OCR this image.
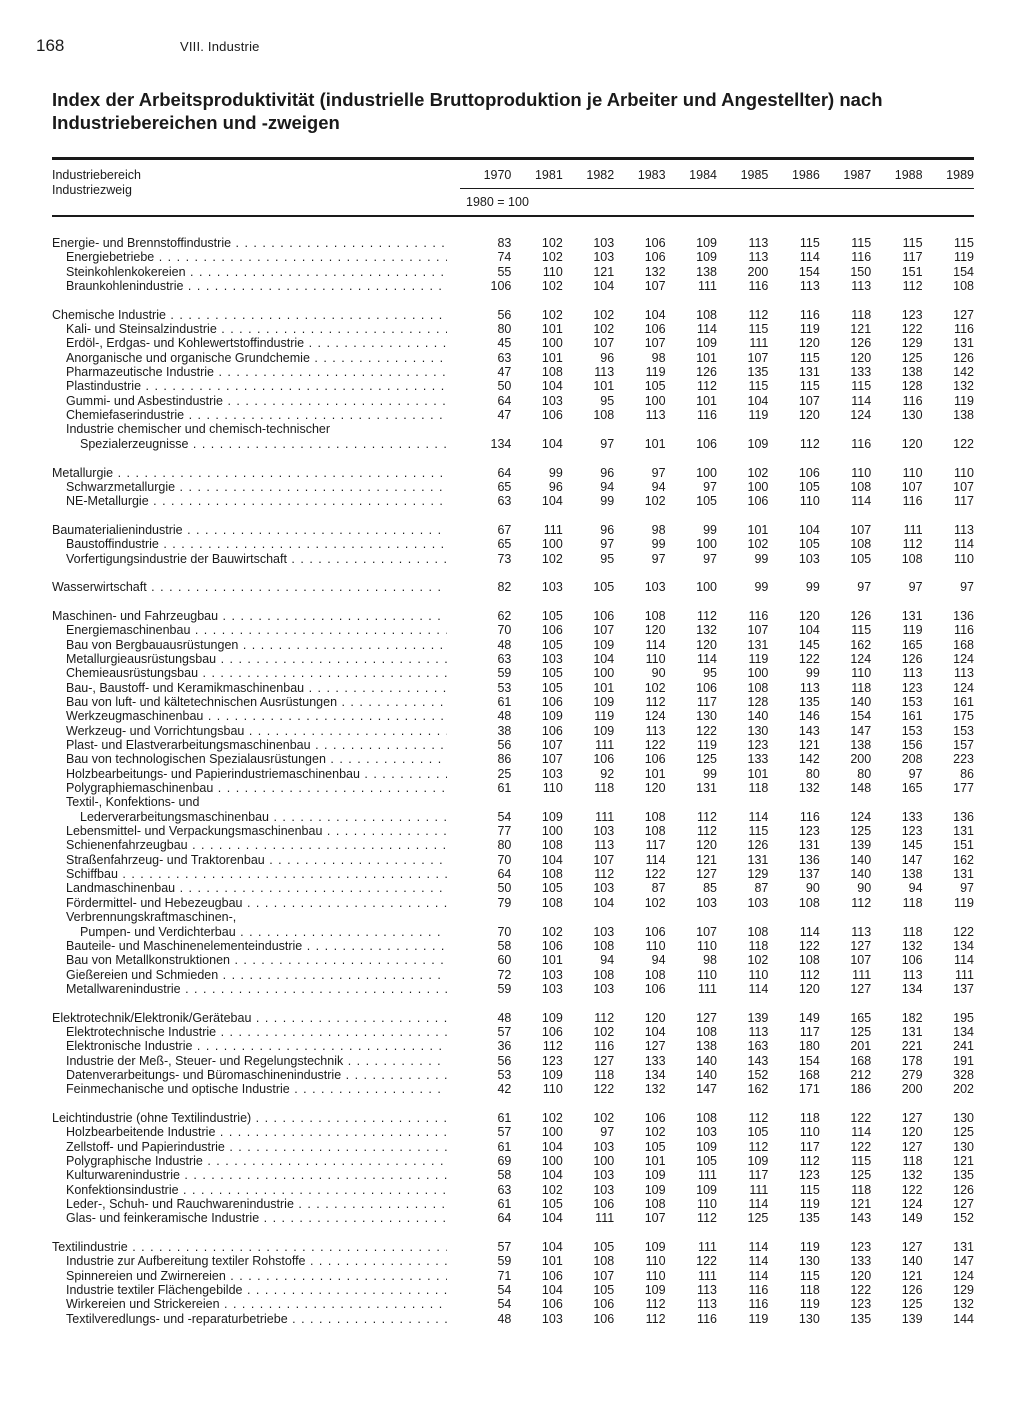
168	VIII. Industrie
Index der Arbeitsproduktivität (industrielle Bruttoproduktion je Arbeiter und Angestellter) nach Industriebereichen und -zweigen
Industriebereich
Industriezweig
1970	1981	1982	1983	1984	1985	1986	1987	1988	1989
1980 = 100
Energie- und Brennstoffindustrie . . .	83	102	103	106	109	113	115	115	115	115
Energiebetriebe . . .	74	102	103	106	109	113	114	116	117	119
Steinkohlenkokereien . . .	55	110	121	132	138	200	154	150	151	154
Braunkohlenindustrie . . .	106	102	104	107	111	116	113	113	112	108
Chemische Industrie . . .	56	102	102	104	108	112	116	118	123	127
Kali- und Steinsalzindustrie . . .	80	101	102	106	114	115	119	121	122	116
Erdöl-, Erdgas- und Kohlewertstoffindustrie . . .	45	100	107	107	109	111	120	126	129	131
Anorganische und organische Grundchemie . . .	63	101	96	98	101	107	115	120	125	126
Pharmazeutische Industrie . . .	47	108	113	119	126	135	131	133	138	142
Plastindustrie . . .	50	104	101	105	112	115	115	115	128	132
Gummi- und Asbestindustrie . . .	64	103	95	100	101	104	107	114	116	119
Chemiefaserindustrie . . .	47	106	108	113	116	119	120	124	130	138
Industrie chemischer und chemisch-technischer
Spezialerzeugnisse . . .	134	104	97	101	106	109	112	116	120	122
Metallurgie . . .	64	99	96	97	100	102	106	110	110	110
Schwarzmetallurgie . . .	65	96	94	94	97	100	105	108	107	107
NE-Metallurgie . . .	63	104	99	102	105	106	110	114	116	117
Baumaterialienindustrie . . .	67	111	96	98	99	101	104	107	111	113
Baustoffindustrie . . .	65	100	97	99	100	102	105	108	112	114
Vorfertigungsindustrie der Bauwirtschaft . . .	73	102	95	97	97	99	103	105	108	110
Wasserwirtschaft . . .	82	103	105	103	100	99	99	97	97	97
Maschinen- und Fahrzeugbau . . .	62	105	106	108	112	116	120	126	131	136
Energiemaschinenbau . . .	70	106	107	120	132	107	104	115	119	116
Bau von Bergbauausrüstungen . . .	48	105	109	114	120	131	145	162	165	168
Metallurgieausrüstungsbau . . .	63	103	104	110	114	119	122	124	126	124
Chemieausrüstungsbau . . .	59	105	100	90	95	100	99	110	113	113
Bau-, Baustoff- und Keramikmaschinenbau . . .	53	105	101	102	106	108	113	118	123	124
Bau von luft- und kältetechnischen Ausrüstungen . . .	61	106	109	112	117	128	135	140	153	161
Werkzeugmaschinenbau . . .	48	109	119	124	130	140	146	154	161	175
Werkzeug- und Vorrichtungsbau . . .	38	106	109	113	122	130	143	147	153	153
Plast- und Elastverarbeitungsmaschinenbau . . .	56	107	111	122	119	123	121	138	156	157
Bau von technologischen Spezialausrüstungen . . .	86	107	106	106	125	133	142	200	208	223
Holzbearbeitungs- und Papierindustriemaschinenbau . . .	25	103	92	101	99	101	80	80	97	86
Polygraphiemaschinenbau . . .	61	110	118	120	131	118	132	148	165	177
Textil-, Konfektions- und
Lederverarbeitungsmaschinenbau . . .	54	109	111	108	112	114	116	124	133	136
Lebensmittel- und Verpackungsmaschinenbau . . .	77	100	103	108	112	115	123	125	123	131
Schienenfahrzeugbau . . .	80	108	113	117	120	126	131	139	145	151
Straßenfahrzeug- und Traktorenbau . . .	70	104	107	114	121	131	136	140	147	162
Schiffbau . . .	64	108	112	122	127	129	137	140	138	131
Landmaschinenbau . . .	50	105	103	87	85	87	90	90	94	97
Fördermittel- und Hebezeugbau . . .	79	108	104	102	103	103	108	112	118	119
Verbrennungskraftmaschinen-,
Pumpen- und Verdichterbau . . .	70	102	103	106	107	108	114	113	118	122
Bauteile- und Maschinenelementeindustrie . . .	58	106	108	110	110	118	122	127	132	134
Bau von Metallkonstruktionen . . .	60	101	94	94	98	102	108	107	106	114
Gießereien und Schmieden . . .	72	103	108	108	110	110	112	111	113	111
Metallwarenindustrie . . .	59	103	103	106	111	114	120	127	134	137
Elektrotechnik/Elektronik/Gerätebau . . .	48	109	112	120	127	139	149	165	182	195
Elektrotechnische Industrie . . .	57	106	102	104	108	113	117	125	131	134
Elektronische Industrie . . .	36	112	116	127	138	163	180	201	221	241
Industrie der Meß-, Steuer- und Regelungstechnik . . .	56	123	127	133	140	143	154	168	178	191
Datenverarbeitungs- und Büromaschinenindustrie . . .	53	109	118	134	140	152	168	212	279	328
Feinmechanische und optische Industrie . . .	42	110	122	132	147	162	171	186	200	202
Leichtindustrie (ohne Textilindustrie) . . .	61	102	102	106	108	112	118	122	127	130
Holzbearbeitende Industrie . . .	57	100	97	102	103	105	110	114	120	125
Zellstoff- und Papierindustrie . . .	61	104	103	105	109	112	117	122	127	130
Polygraphische Industrie . . .	69	100	100	101	105	109	112	115	118	121
Kulturwarenindustrie . . .	58	104	103	109	111	117	123	125	132	135
Konfektionsindustrie . . .	63	102	103	109	109	111	115	118	122	126
Leder-, Schuh- und Rauchwarenindustrie . . .	61	105	106	108	110	114	119	121	124	127
Glas- und feinkeramische Industrie . . .	64	104	111	107	112	125	135	143	149	152
Textilindustrie . . .	57	104	105	109	111	114	119	123	127	131
Industrie zur Aufbereitung textiler Rohstoffe . . .	59	101	108	110	122	114	130	133	140	147
Spinnereien und Zwirnereien . . .	71	106	107	110	111	114	115	120	121	124
Industrie textiler Flächengebilde . . .	54	104	105	109	113	116	118	122	126	129
Wirkereien und Strickereien . . .	54	106	106	112	113	116	119	123	125	132
Textilveredlungs- und -reparaturbetriebe . . .	48	103	106	112	116	119	130	135	139	144
